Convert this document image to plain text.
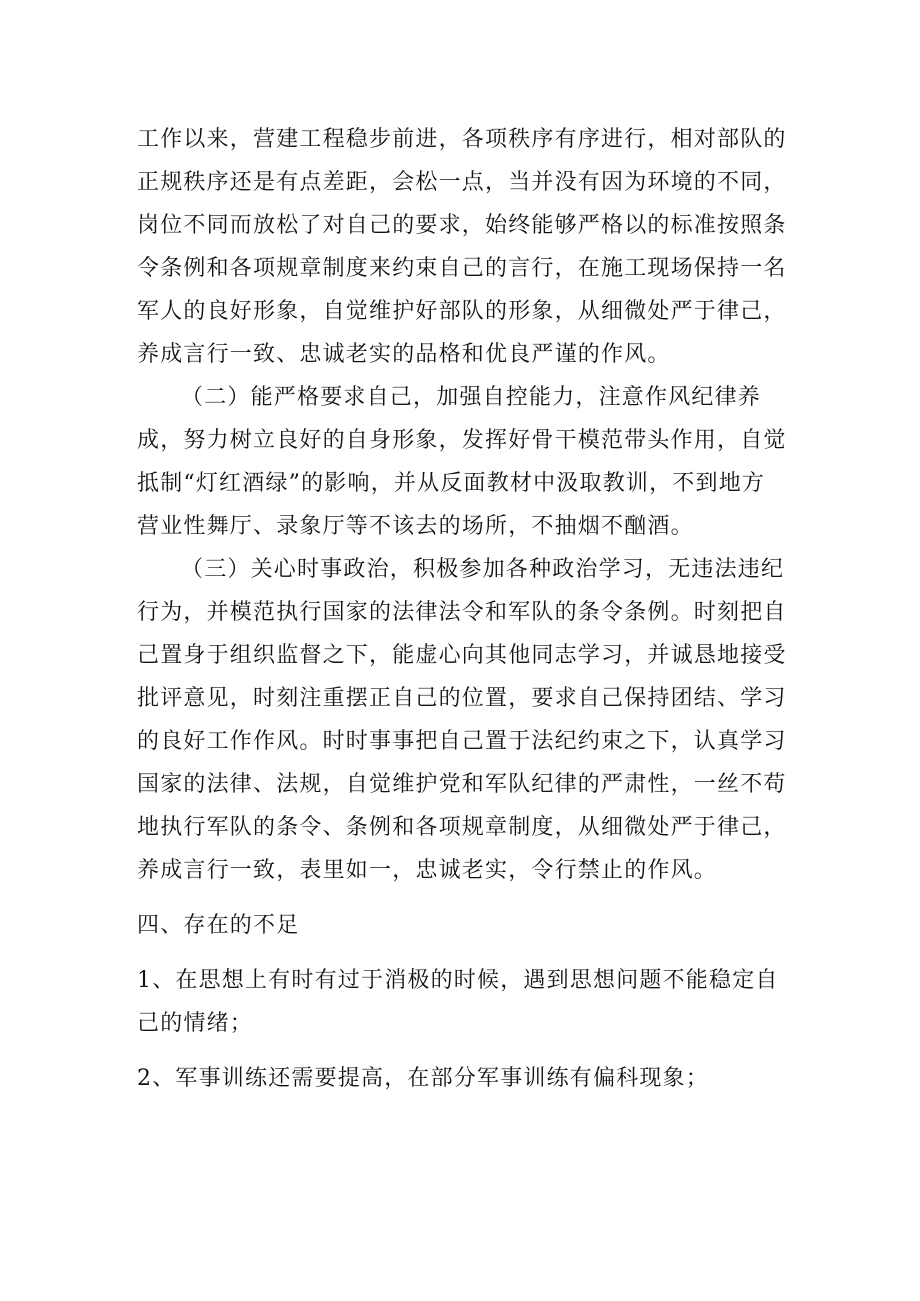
工作以来，营建工程稳步前进，各项秩序有序进行，相对部队的正规秩序还是有点差距，会松一点，当并没有因为环境的不同，岗位不同而放松了对自己的要求，始终能够严格以的标准按照条令条例和各项规章制度来约束自己的言行，在施工现场保持一名军人的良好形象，自觉维护好部队的形象，从细微处严于律己，养成言行一致、忠诚老实的品格和优良严谨的作风。

（二）能严格要求自己，加强自控能力，注意作风纪律养成，努力树立良好的自身形象，发挥好骨干模范带头作用，自觉抵制“灯红酒绿”的影响，并从反面教材中汲取教训，不到地方营业性舞厅、录象厅等不该去的场所，不抽烟不酗酒。

（三）关心时事政治，积极参加各种政治学习，无违法违纪行为，并模范执行国家的法律法令和军队的条令条例。时刻把自己置身于组织监督之下，能虚心向其他同志学习，并诚恳地接受批评意见，时刻注重摆正自己的位置，要求自己保持团结、学习的良好工作作风。时时事事把自己置于法纪约束之下，认真学习国家的法律、法规，自觉维护党和军队纪律的严肃性，一丝不苟地执行军队的条令、条例和各项规章制度，从细微处严于律己，养成言行一致，表里如一，忠诚老实，令行禁止的作风。

四、存在的不足

1、在思想上有时有过于消极的时候，遇到思想问题不能稳定自己的情绪；

2、军事训练还需要提高，在部分军事训练有偏科现象；
